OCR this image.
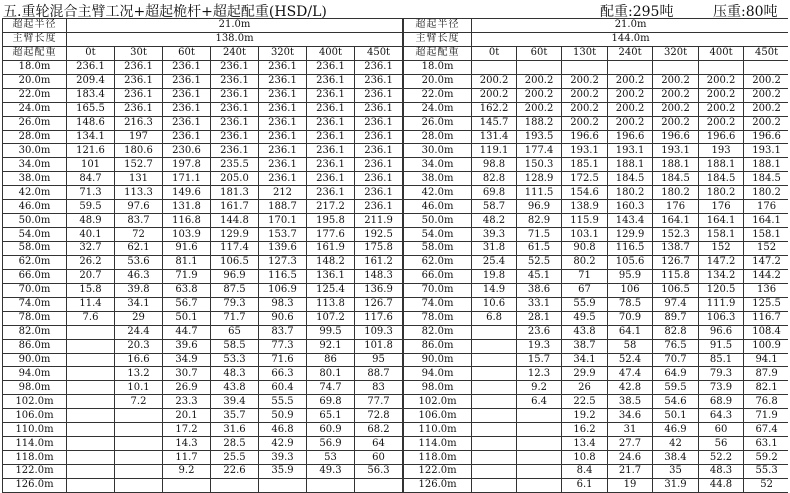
五.重轮混合主臂工况+超起桅杆+超起配重(HSD/L)	配重:295吨	压重:80吨
超起半径	21.0m						
主臂长度	138.0m						
超起配重	0t	30t	60t	240t	320t	400t	450t
18.0m	236.1	236.1	236.1	236.1	236.1	236.1	236.1
20.0m	209.4	236.1	236.1	236.1	236.1	236.1	236.1
22.0m	183.4	236.1	236.1	236.1	236.1	236.1	236.1
24.0m	165.5	236.1	236.1	236.1	236.1	236.1	236.1
26.0m	148.6	216.3	236.1	236.1	236.1	236.1	236.1
28.0m	134.1	197	236.1	236.1	236.1	236.1	236.1
30.0m	121.6	180.6	230.6	236.1	236.1	236.1	236.1
34.0m	101	152.7	197.8	235.5	236.1	236.1	236.1
38.0m	84.7	131	171.1	205.0	236.1	236.1	236.1
42.0m	71.3	113.3	149.6	181.3	212	236.1	236.1
46.0m	59.5	97.6	131.8	161.7	188.7	217.2	236.1
50.0m	48.9	83.7	116.8	144.8	170.1	195.8	211.9
54.0m	40.1	72	103.9	129.9	153.7	177.6	192.5
58.0m	32.7	62.1	91.6	117.4	139.6	161.9	175.8
62.0m	26.2	53.6	81.1	106.5	127.3	148.2	161.2
66.0m	20.7	46.3	71.9	96.9	116.5	136.1	148.3
70.0m	15.8	39.8	63.8	87.5	106.9	125.4	136.9
74.0m	11.4	34.1	56.7	79.3	98.3	113.8	126.7
78.0m	7.6	29	50.1	71.7	90.6	107.2	117.6
82.0m		24.4	44.7	65	83.7	99.5	109.3
86.0m		20.3	39.6	58.5	77.3	92.1	101.8
90.0m		16.6	34.9	53.3	71.6	86	95
94.0m		13.2	30.7	48.3	66.3	80.1	88.7
98.0m		10.1	26.9	43.8	60.4	74.7	83
102.0m		7.2	23.3	39.4	55.5	69.8	77.7
106.0m			20.1	35.7	50.9	65.1	72.8
110.0m			17.2	31.6	46.8	60.9	68.2
114.0m			14.3	28.5	42.9	56.9	64
118.0m			11.7	25.5	39.3	53	60
122.0m			9.2	22.6	35.9	49.3	56.3
126.0m							
超起半径	21.0m						
主臂长度	144.0m						
超起配重	0t	60t	130t	240t	320t	400t	450t
18.0m							
20.0m	200.2	200.2	200.2	200.2	200.2	200.2	200.2
22.0m	200.2	200.2	200.2	200.2	200.2	200.2	200.2
24.0m	162.2	200.2	200.2	200.2	200.2	200.2	200.2
26.0m	145.7	188.2	200.2	200.2	200.2	200.2	200.2
28.0m	131.4	193.5	196.6	196.6	196.6	196.6	196.6
30.0m	119.1	177.4	193.1	193.1	193.1	193	193.1
34.0m	98.8	150.3	185.1	188.1	188.1	188.1	188.1
38.0m	82.8	128.9	172.5	184.5	184.5	184.5	184.5
42.0m	69.8	111.5	154.6	180.2	180.2	180.2	180.2
46.0m	58.7	96.9	138.9	160.3	176	176	176
50.0m	48.2	82.9	115.9	143.4	164.1	164.1	164.1
54.0m	39.3	71.5	103.1	129.9	152.3	158.1	158.1
58.0m	31.8	61.5	90.8	116.5	138.7	152	152
62.0m	25.4	52.5	80.2	105.6	126.7	147.2	147.2
66.0m	19.8	45.1	71	95.9	115.8	134.2	144.2
70.0m	14.9	38.6	67	106	106.5	120.5	136
74.0m	10.6	33.1	55.9	78.5	97.4	111.9	125.5
78.0m	6.8	28.1	49.5	70.9	89.7	106.3	116.7
82.0m		23.6	43.8	64.1	82.8	96.6	108.4
86.0m		19.3	38.7	58	76.5	91.5	100.9
90.0m		15.7	34.1	52.4	70.7	85.1	94.1
94.0m		12.3	29.9	47.4	64.9	79.3	87.9
98.0m		9.2	26	42.8	59.5	73.9	82.1
102.0m		6.4	22.5	38.5	54.6	68.9	76.8
106.0m			19.2	34.6	50.1	64.3	71.9
110.0m			16.2	31	46.9	60	67.4
114.0m			13.4	27.7	42	56	63.1
118.0m			10.8	24.6	38.4	52.2	59.2
122.0m			8.4	21.7	35	48.3	55.3
126.0m			6.1	19	31.9	44.8	52
